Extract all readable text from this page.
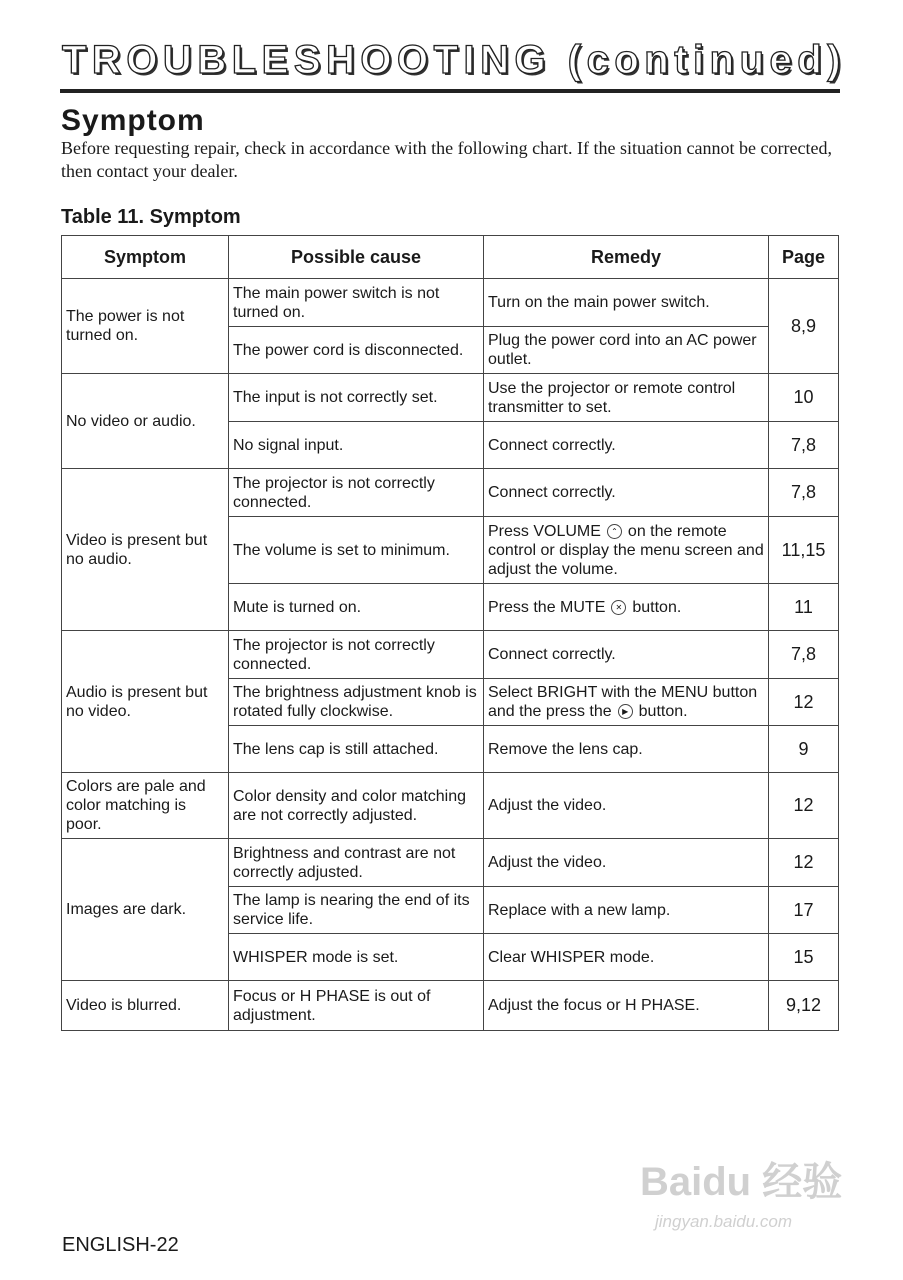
TROUBLESHOOTING (continued)
Symptom
Before requesting repair, check in accordance with the following chart. If the situation cannot be corrected, then contact your dealer.
Table 11. Symptom
Symptom	Possible cause	Remedy	Page
The power is not turned on.	The main power switch is not turned on.	Turn on the main power switch.	8,9
	The power cord is disconnected.	Plug the power cord into an AC power outlet.	
No video or audio.	The input is not correctly set.	Use the projector or remote control transmitter to set.	10
	No signal input.	Connect correctly.	7,8
Video is present but no audio.	The projector is not correctly connected.	Connect correctly.	7,8
	The volume is set to minimum.	Press VOLUME ⌃ on the remote control or display the menu screen and adjust the volume.	11,15
	Mute is turned on.	Press the MUTE ✕ button.	11
Audio is present but no video.	The projector is not correctly connected.	Connect correctly.	7,8
	The brightness adjustment knob is rotated fully clockwise.	Select BRIGHT with the MENU button and the press the ▶ button.	12
	The lens cap is still attached.	Remove the lens cap.	9
Colors are pale and color matching is poor.	Color density and color matching are not correctly adjusted.	Adjust the video.	12
Images are dark.	Brightness and contrast are not correctly adjusted.	Adjust the video.	12
	The lamp is nearing the end of its service life.	Replace with a new lamp.	17
	WHISPER mode is set.	Clear WHISPER mode.	15
Video is blurred.	Focus or H PHASE is out of adjustment.	Adjust the focus or H PHASE.	9,12
ENGLISH-22
Baidu 经验
jingyan.baidu.com
